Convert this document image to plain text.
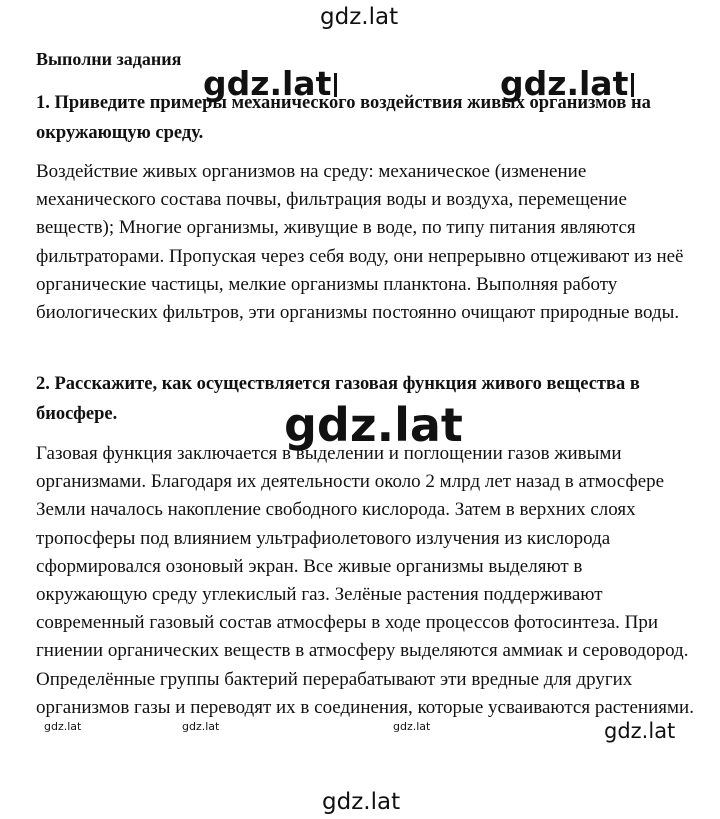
Выполни задания

1. Приведите примеры механического воздействия живых организмов на окружающую среду.

Воздействие живых организмов на среду: механическое (изменение механического состава почвы, фильтрация воды и воздуха, перемещение веществ); Многие организмы, живущие в воде, по типу питания являются фильтраторами. Пропуская через себя воду, они непрерывно отцеживают из неё органические частицы, мелкие организмы планктона. Выполняя работу биологических фильтров, эти организмы постоянно очищают природные воды.

2. Расскажите, как осуществляется газовая функция живого вещества в биосфере.

Газовая функция заключается в выделении и поглощении газов живыми организмами. Благодаря их деятельности около 2 млрд лет назад в атмосфере Земли началось накопление свободного кислорода. Затем в верхних слоях тропосферы под влиянием ультрафиолетового излучения из кислорода сформировался озоновый экран. Все живые организмы выделяют в окружающую среду углекислый газ. Зелёные растения поддерживают современный газовый состав атмосферы в ходе процессов фотосинтеза. При гниении органических веществ в атмосферу выделяются аммиак и сероводород. Определённые группы бактерий перерабатывают эти вредные для других организмов газы и переводят их в соединения, которые усваиваются растениями.

gdz.lat
gdz.lat	gdz.lat
gdz.lat
gdz.lat	gdz.lat	gdz.lat	gdz.lat
gdz.lat
